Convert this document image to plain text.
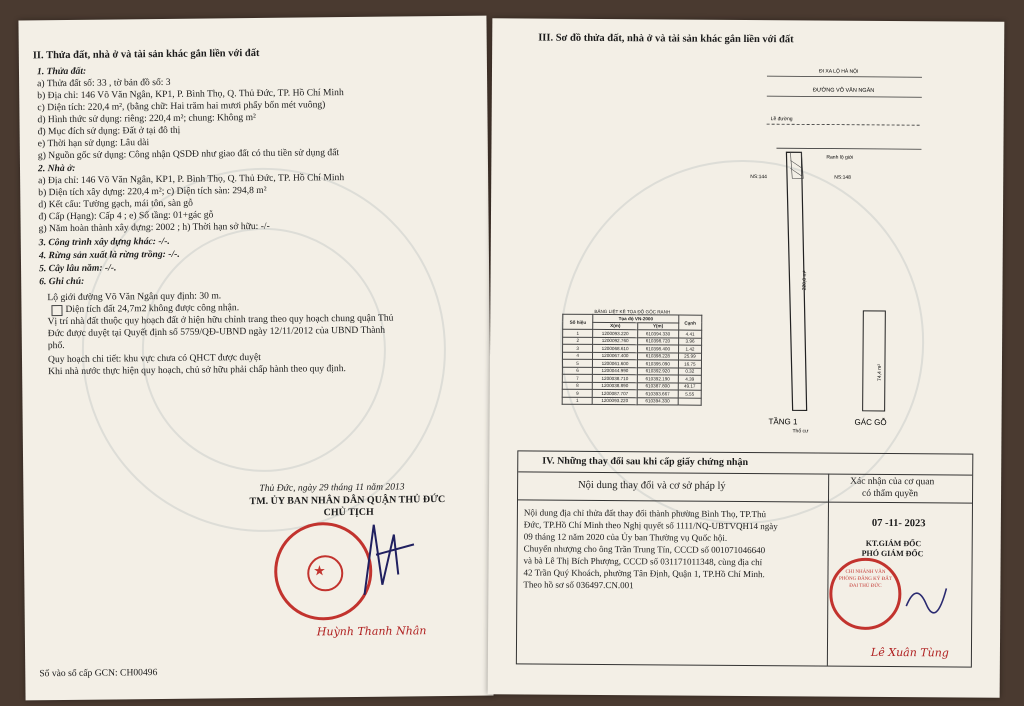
II. Thửa đất, nhà ở và tài sản khác gắn liền với đất
1. Thửa đất:
a) Thửa đất số: 33 , tờ bản đồ số: 3
b) Địa chỉ: 146 Võ Văn Ngân, KP1, P. Bình Thọ, Q. Thủ Đức, TP. Hồ Chí Minh
c) Diện tích: 220,4 m², (bằng chữ: Hai trăm hai mươi phẩy bốn mét vuông)
d) Hình thức sử dụng: riêng: 220,4 m²; chung: Không m²
đ) Mục đích sử dụng: Đất ở tại đô thị
e) Thời hạn sử dụng: Lâu dài
g) Nguồn gốc sử dụng: Công nhận QSDĐ như giao đất có thu tiền sử dụng đất
2. Nhà ở:
a) Địa chỉ: 146 Võ Văn Ngân, KP1, P. Bình Thọ, Q. Thủ Đức, TP. Hồ Chí Minh
b) Diện tích xây dựng: 220,4 m²; c) Diện tích sàn: 294,8 m²
d) Kết cấu: Tường gạch, mái tôn, sàn gỗ
đ) Cấp (Hạng): Cấp 4 ; e) Số tầng: 01+gác gỗ
g) Năm hoàn thành xây dựng: 2002 ; h) Thời hạn sở hữu: -/-
3. Công trình xây dựng khác: -/-.
4. Rừng sản xuất là rừng trồng: -/-.
5. Cây lâu năm: -/-.
6. Ghi chú:
Lộ giới đường Võ Văn Ngân quy định: 30 m.
Diện tích đất 24,7m2 không được công nhận.
Vị trí nhà đất thuộc quy hoạch đất ở hiện hữu chỉnh trang theo quy hoạch chung quận Thủ
Đức được duyệt tại Quyết định số 5759/QĐ-UBND ngày 12/11/2012 của UBND Thành
phố.
Quy hoạch chi tiết: khu vực chưa có QHCT được duyệt
Khi nhà nước thực hiện quy hoạch, chủ sở hữu phải chấp hành theo quy định.
Thủ Đức, ngày 29 tháng 11 năm 2013
TM. ỦY BAN NHÂN DÂN QUẬN THỦ ĐỨC
CHỦ TỊCH
★
Huỳnh Thanh Nhân
Số vào sổ cấp GCN: CH00496
III. Sơ đồ thửa đất, nhà ở và tài sản khác gắn liền với đất
ĐI XA LỘ HÀ NỘI
ĐƯỜNG VÕ VĂN NGÂN
Lề đường
Ranh lộ giới
NS:144	NS:148
220,0 m²
74,4 m²
TẦNG 1	GÁC GỖ
Thổ cư
BẢNG LIỆT KÊ TỌA ĐỘ GÓC RANH
Số hiệu	Tọa độ VN-2000		Cạnh
	X(m)	Y(m)	
1	1200093.220	610394.330	4.41
2	1200092.760	610398.720	3.96
3	1200068.610	610398.400	1.42
4	1200067.400	610398.228	25.99
5	1200061.600	610395.090	16.75
6	1200044.990	610392.920	0.32
7	1200038.710	610392.190	4.39
8	1200038.890	610387.800	49.17
9	1200087.707	610393.667	5.55
1	1200093.220	610394.330	
IV. Những thay đổi sau khi cấp giấy chứng nhận
Nội dung thay đổi và cơ sở pháp lý
Nội dung địa chỉ thửa đất thay đổi thành phường Bình Thọ, TP.Thủ
Đức, TP.Hồ Chí Minh theo Nghị quyết số 1111/NQ-UBTVQH14 ngày
09 tháng 12 năm 2020 của Ủy ban Thường vụ Quốc hội.
Chuyển nhượng cho ông Trần Trung Tín, CCCD số 001071046640
và bà Lê Thị Bích Phượng, CCCD số 031171011348, cùng địa chỉ
42 Trần Quý Khoách, phường Tân Định, Quận 1, TP.Hồ Chí Minh.
Theo hồ sơ số 036497.CN.001
Xác nhận của cơ quan
có thẩm quyền
07 -11- 2023
KT.GIÁM ĐỐC
PHÓ GIÁM ĐỐC
CHI NHÁNH VĂN PHÒNG ĐĂNG KÝ ĐẤT ĐAI THỦ ĐỨC
Lê Xuân Tùng
